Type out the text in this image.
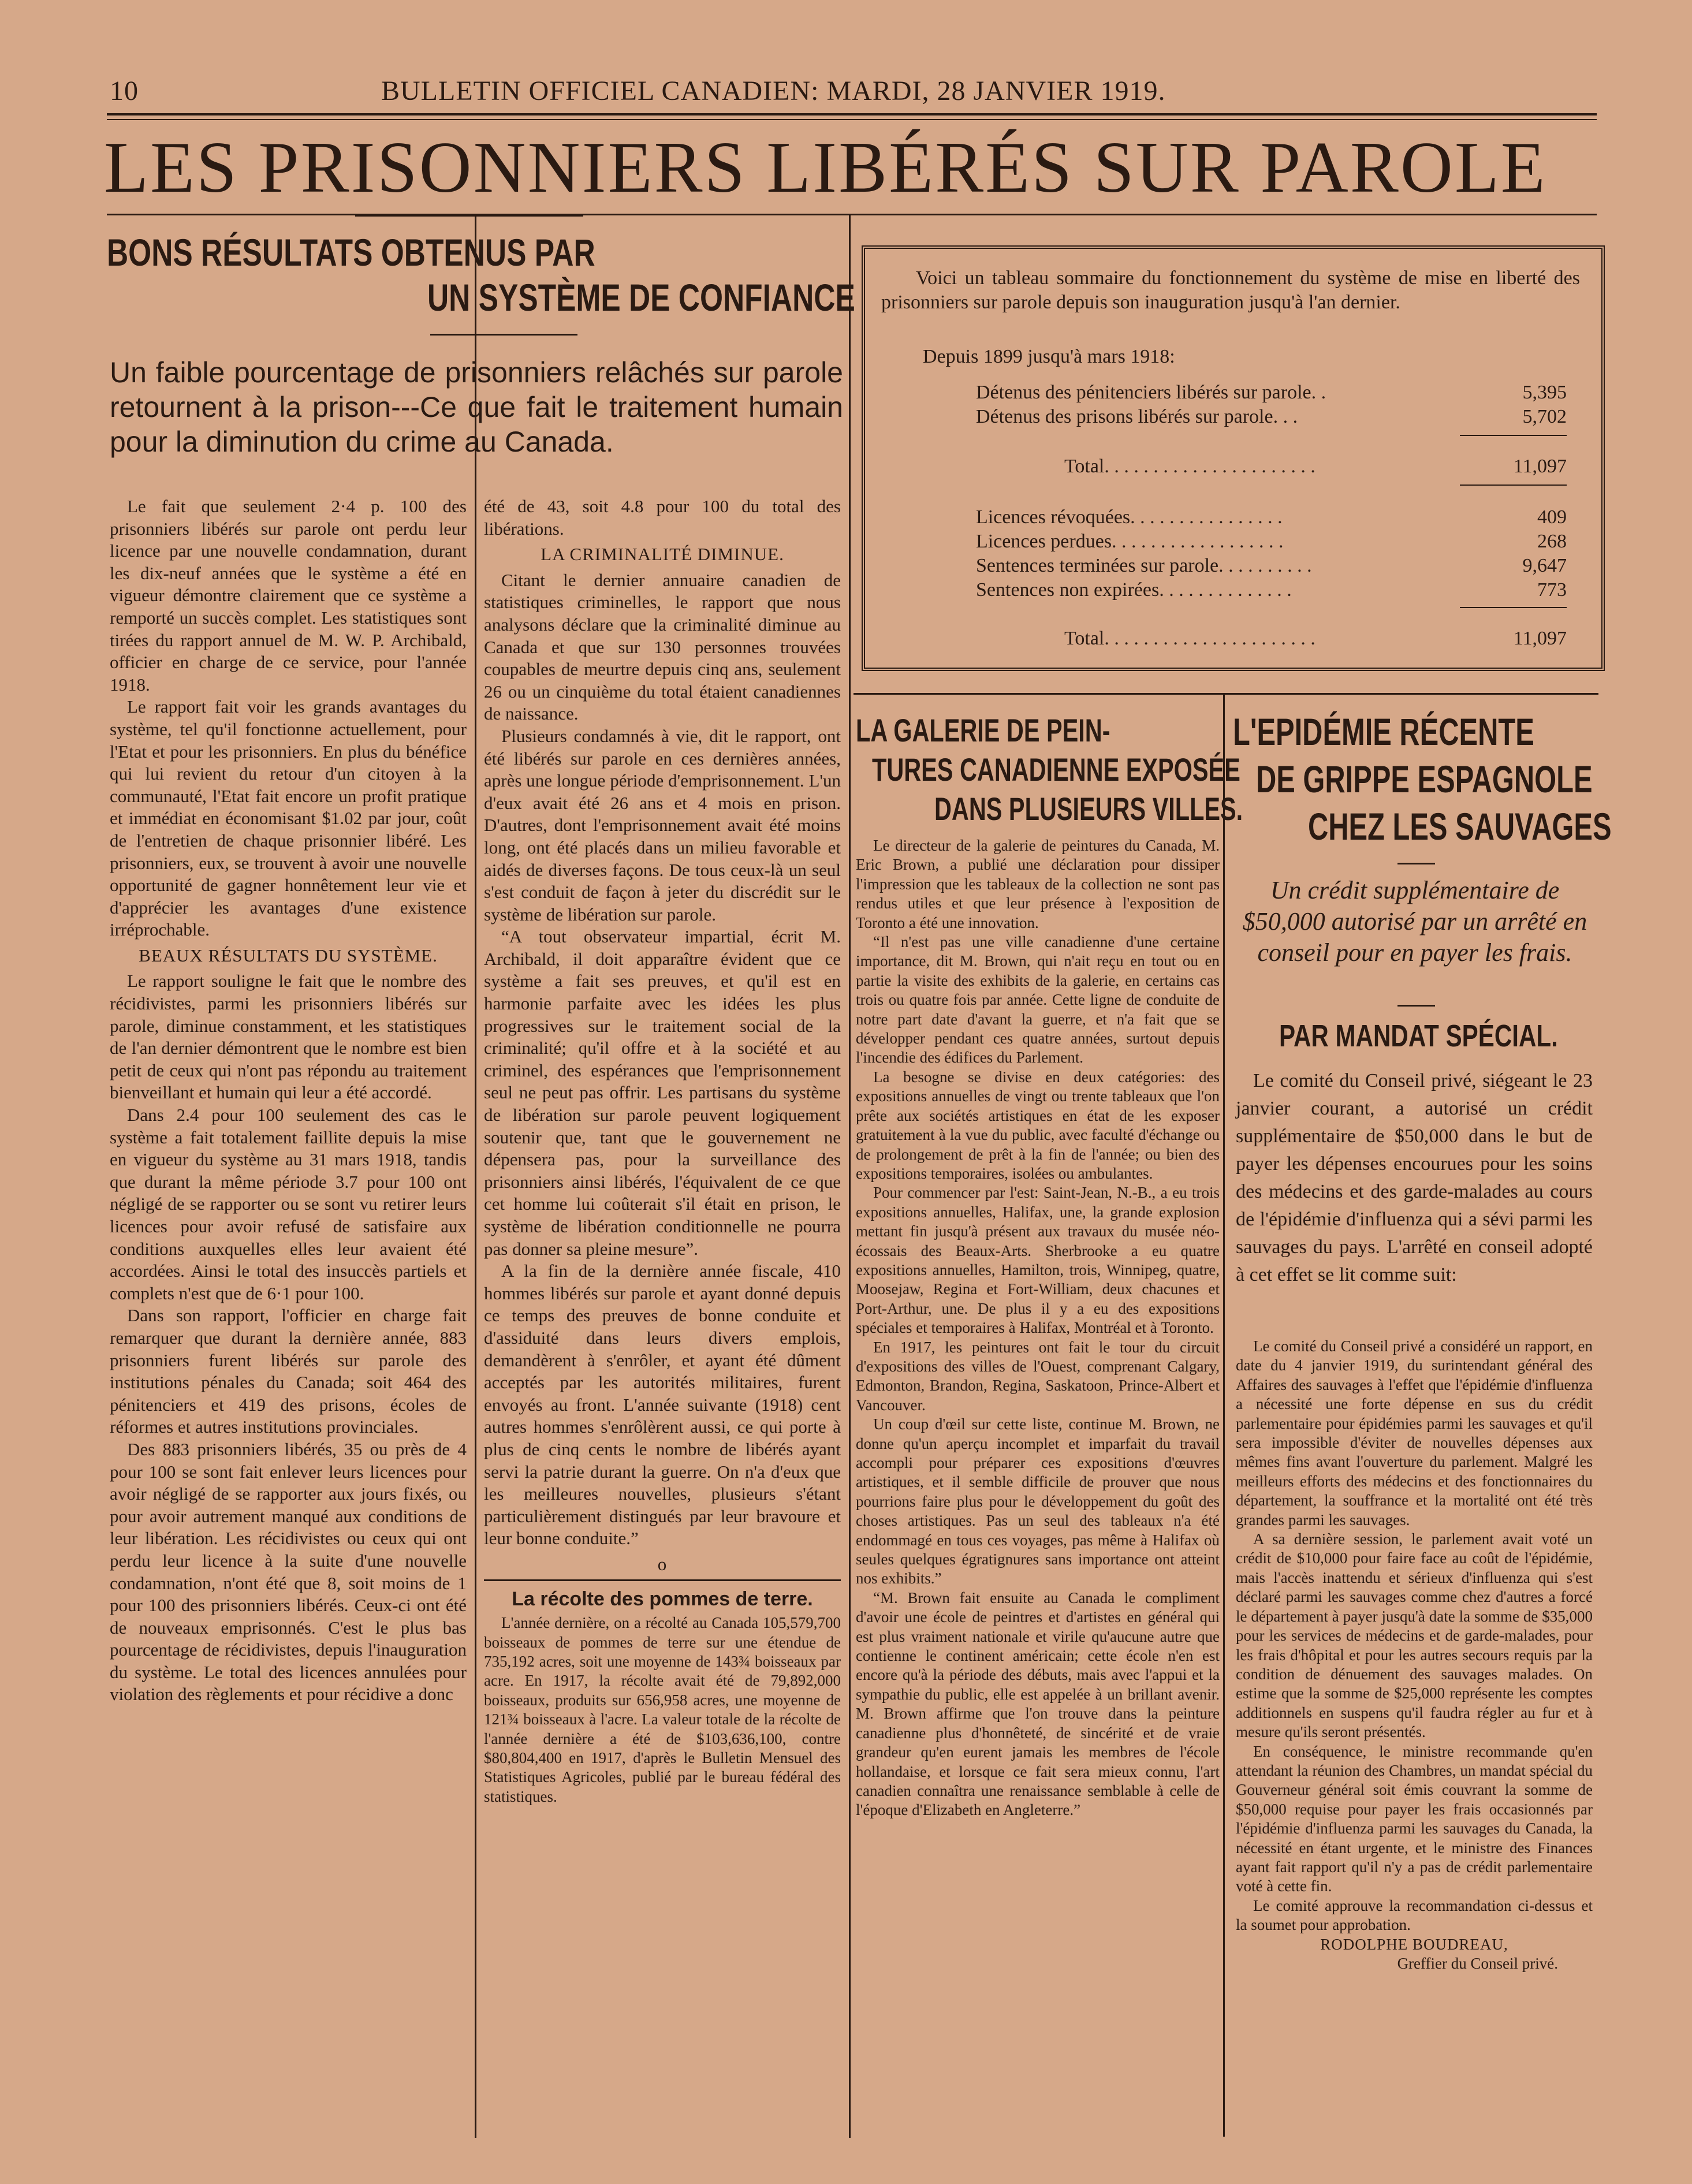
10	BULLETIN OFFICIEL CANADIEN: MARDI, 28 JANVIER 1919.
LES PRISONNIERS LIBÉRÉS SUR PAROLE
BONS RÉSULTATS OBTENUS PAR
UN SYSTÈME DE CONFIANCE
Un faible pourcentage de prisonniers relâchés sur parole retournent à la prison---Ce que fait le traitement humain pour la diminution du crime au Canada.

Le fait que seulement 2·4 p. 100 des prisonniers libérés sur parole ont perdu leur licence par une nouvelle condamnation, durant les dix-neuf années que le système a été en vigueur démontre clairement que ce système a remporté un succès complet. Les statistiques sont tirées du rapport annuel de M. W. P. Archibald, officier en charge de ce service, pour l'année 1918.

Le rapport fait voir les grands avantages du système, tel qu'il fonctionne actuellement, pour l'Etat et pour les prisonniers. En plus du bénéfice qui lui revient du retour d'un citoyen à la communauté, l'Etat fait encore un profit pratique et immédiat en économisant $1.02 par jour, coût de l'entretien de chaque prisonnier libéré. Les prisonniers, eux, se trouvent à avoir une nouvelle opportunité de gagner honnêtement leur vie et d'apprécier les avantages d'une existence irréprochable.

BEAUX RÉSULTATS DU SYSTÈME.

Le rapport souligne le fait que le nombre des récidivistes, parmi les prisonniers libérés sur parole, diminue constamment, et les statistiques de l'an dernier démontrent que le nombre est bien petit de ceux qui n'ont pas répondu au traitement bienveillant et humain qui leur a été accordé.

Dans 2.4 pour 100 seulement des cas le système a fait totalement faillite depuis la mise en vigueur du système au 31 mars 1918, tandis que durant la même période 3.7 pour 100 ont négligé de se rapporter ou se sont vu retirer leurs licences pour avoir refusé de satisfaire aux conditions auxquelles elles leur avaient été accordées. Ainsi le total des insuccès partiels et complets n'est que de 6·1 pour 100.

Dans son rapport, l'officier en charge fait remarquer que durant la dernière année, 883 prisonniers furent libérés sur parole des institutions pénales du Canada; soit 464 des pénitenciers et 419 des prisons, écoles de réformes et autres institutions provinciales.

Des 883 prisonniers libérés, 35 ou près de 4 pour 100 se sont fait enlever leurs licences pour avoir négligé de se rapporter aux jours fixés, ou pour avoir autrement manqué aux conditions de leur libération. Les récidivistes ou ceux qui ont perdu leur licence à la suite d'une nouvelle condamnation, n'ont été que 8, soit moins de 1 pour 100 des prisonniers libérés. Ceux-ci ont été de nouveaux emprisonnés. C'est le plus bas pourcentage de récidivistes, depuis l'inauguration du système. Le total des licences annulées pour violation des règlements et pour récidive a donc

été de 43, soit 4.8 pour 100 du total des libérations.

LA CRIMINALITÉ DIMINUE.

Citant le dernier annuaire canadien de statistiques criminelles, le rapport que nous analysons déclare que la criminalité diminue au Canada et que sur 130 personnes trouvées coupables de meurtre depuis cinq ans, seulement 26 ou un cinquième du total étaient canadiennes de naissance.

Plusieurs condamnés à vie, dit le rapport, ont été libérés sur parole en ces dernières années, après une longue période d'emprisonnement. L'un d'eux avait été 26 ans et 4 mois en prison. D'autres, dont l'emprisonnement avait été moins long, ont été placés dans un milieu favorable et aidés de diverses façons. De tous ceux-là un seul s'est conduit de façon à jeter du discrédit sur le système de libération sur parole.

“A tout observateur impartial, écrit M. Archibald, il doit apparaître évident que ce système a fait ses preuves, et qu'il est en harmonie parfaite avec les idées les plus progressives sur le traitement social de la criminalité; qu'il offre et à la société et au criminel, des espérances que l'emprisonnement seul ne peut pas offrir. Les partisans du système de libération sur parole peuvent logiquement soutenir que, tant que le gouvernement ne dépensera pas, pour la surveillance des prisonniers ainsi libérés, l'équivalent de ce que cet homme lui coûterait s'il était en prison, le système de libération conditionnelle ne pourra pas donner sa pleine mesure”.

A la fin de la dernière année fiscale, 410 hommes libérés sur parole et ayant donné depuis ce temps des preuves de bonne conduite et d'assiduité dans leurs divers emplois, demandèrent à s'enrôler, et ayant été dûment acceptés par les autorités militaires, furent envoyés au front. L'année suivante (1918) cent autres hommes s'enrôlèrent aussi, ce qui porte à plus de cinq cents le nombre de libérés ayant servi la patrie durant la guerre. On n'a d'eux que les meilleures nouvelles, plusieurs s'étant particulièrement distingués par leur bravoure et leur bonne conduite.”

o

La récolte des pommes de terre.

L'année dernière, on a récolté au Canada 105,579,700 boisseaux de pommes de terre sur une étendue de 735,192 acres, soit une moyenne de 143¾ boisseaux par acre. En 1917, la récolte avait été de 79,892,000 boisseaux, produits sur 656,958 acres, une moyenne de 121¾ boisseaux à l'acre. La valeur totale de la récolte de l'année dernière a été de $103,636,100, contre $80,804,400 en 1917, d'après le Bulletin Mensuel des Statistiques Agricoles, publié par le bureau fédéral des statistiques.

Voici un tableau sommaire du fonctionnement du système de mise en liberté des prisonniers sur parole depuis son inauguration jusqu'à l'an dernier.
Depuis 1899 jusqu'à mars 1918:
Détenus des pénitenciers libérés sur parole. .	5,395
Détenus des prisons libérés sur parole. . .	5,702
Total. . . . . . . . . . . . . . . . . . . . . .	11,097
Licences révoquées. . . . . . . . . . . . . . . .	409
Licences perdues. . . . . . . . . . . . . . . . . .	268
Sentences terminées sur parole. . . . . . . . . .	9,647
Sentences non expirées. . . . . . . . . . . . . .	773
Total. . . . . . . . . . . . . . . . . . . . . .	11,097
LA GALERIE DE PEIN-
TURES CANADIENNE EXPOSÉE
DANS PLUSIEURS VILLES.

Le directeur de la galerie de peintures du Canada, M. Eric Brown, a publié une déclaration pour dissiper l'impression que les tableaux de la collection ne sont pas rendus utiles et que leur présence à l'exposition de Toronto a été une innovation.

“Il n'est pas une ville canadienne d'une certaine importance, dit M. Brown, qui n'ait reçu en tout ou en partie la visite des exhibits de la galerie, en certains cas trois ou quatre fois par année. Cette ligne de conduite de notre part date d'avant la guerre, et n'a fait que se développer pendant ces quatre années, surtout depuis l'incendie des édifices du Parlement.

La besogne se divise en deux catégories: des expositions annuelles de vingt ou trente tableaux que l'on prête aux sociétés artistiques en état de les exposer gratuitement à la vue du public, avec faculté d'échange ou de prolongement de prêt à la fin de l'année; ou bien des expositions temporaires, isolées ou ambulantes.

Pour commencer par l'est: Saint-Jean, N.-B., a eu trois expositions annuelles, Halifax, une, la grande explosion mettant fin jusqu'à présent aux travaux du musée néo-écossais des Beaux-Arts. Sherbrooke a eu quatre expositions annuelles, Hamilton, trois, Winnipeg, quatre, Moosejaw, Regina et Fort-William, deux chacunes et Port-Arthur, une. De plus il y a eu des expositions spéciales et temporaires à Halifax, Montréal et à Toronto.

En 1917, les peintures ont fait le tour du circuit d'expositions des villes de l'Ouest, comprenant Calgary, Edmonton, Brandon, Regina, Saskatoon, Prince-Albert et Vancouver.

Un coup d'œil sur cette liste, continue M. Brown, ne donne qu'un aperçu incomplet et imparfait du travail accompli pour préparer ces expositions d'œuvres artistiques, et il semble difficile de prouver que nous pourrions faire plus pour le développement du goût des choses artistiques. Pas un seul des tableaux n'a été endommagé en tous ces voyages, pas même à Halifax où seules quelques égratignures sans importance ont atteint nos exhibits.”

“M. Brown fait ensuite au Canada le compliment d'avoir une école de peintres et d'artistes en général qui est plus vraiment nationale et virile qu'aucune autre que contienne le continent américain; cette école n'en est encore qu'à la période des débuts, mais avec l'appui et la sympathie du public, elle est appelée à un brillant avenir. M. Brown affirme que l'on trouve dans la peinture canadienne plus d'honnêteté, de sincérité et de vraie grandeur qu'en eurent jamais les membres de l'école hollandaise, et lorsque ce fait sera mieux connu, l'art canadien connaîtra une renaissance semblable à celle de l'époque d'Elizabeth en Angleterre.”

L'EPIDÉMIE RÉCENTE
DE GRIPPE ESPAGNOLE
CHEZ LES SAUVAGES
Un crédit supplémentaire de $50,000 autorisé par un arrêté en conseil pour en payer les frais.
PAR MANDAT SPÉCIAL.

Le comité du Conseil privé, siégeant le 23 janvier courant, a autorisé un crédit supplémentaire de $50,000 dans le but de payer les dépenses encourues pour les soins des médecins et des garde-malades au cours de l'épidémie d'influenza qui a sévi parmi les sauvages du pays. L'arrêté en conseil adopté à cet effet se lit comme suit:

Le comité du Conseil privé a considéré un rapport, en date du 4 janvier 1919, du surintendant général des Affaires des sauvages à l'effet que l'épidémie d'influenza a nécessité une forte dépense en sus du crédit parlementaire pour épidémies parmi les sauvages et qu'il sera impossible d'éviter de nouvelles dépenses aux mêmes fins avant l'ouverture du parlement. Malgré les meilleurs efforts des médecins et des fonctionnaires du département, la souffrance et la mortalité ont été très grandes parmi les sauvages.

A sa dernière session, le parlement avait voté un crédit de $10,000 pour faire face au coût de l'épidémie, mais l'accès inattendu et sérieux d'influenza qui s'est déclaré parmi les sauvages comme chez d'autres a forcé le département à payer jusqu'à date la somme de $35,000 pour les services de médecins et de garde-malades, pour les frais d'hôpital et pour les autres secours requis par la condition de dénuement des sauvages malades. On estime que la somme de $25,000 représente les comptes additionnels en suspens qu'il faudra régler au fur et à mesure qu'ils seront présentés.

En conséquence, le ministre recommande qu'en attendant la réunion des Chambres, un mandat spécial du Gouverneur général soit émis couvrant la somme de $50,000 requise pour payer les frais occasionnés par l'épidémie d'influenza parmi les sauvages du Canada, la nécessité en étant urgente, et le ministre des Finances ayant fait rapport qu'il n'y a pas de crédit parlementaire voté à cette fin.

Le comité approuve la recommandation ci-dessus et la soumet pour approbation.

RODOLPHE BOUDREAU,

Greffier du Conseil privé.
